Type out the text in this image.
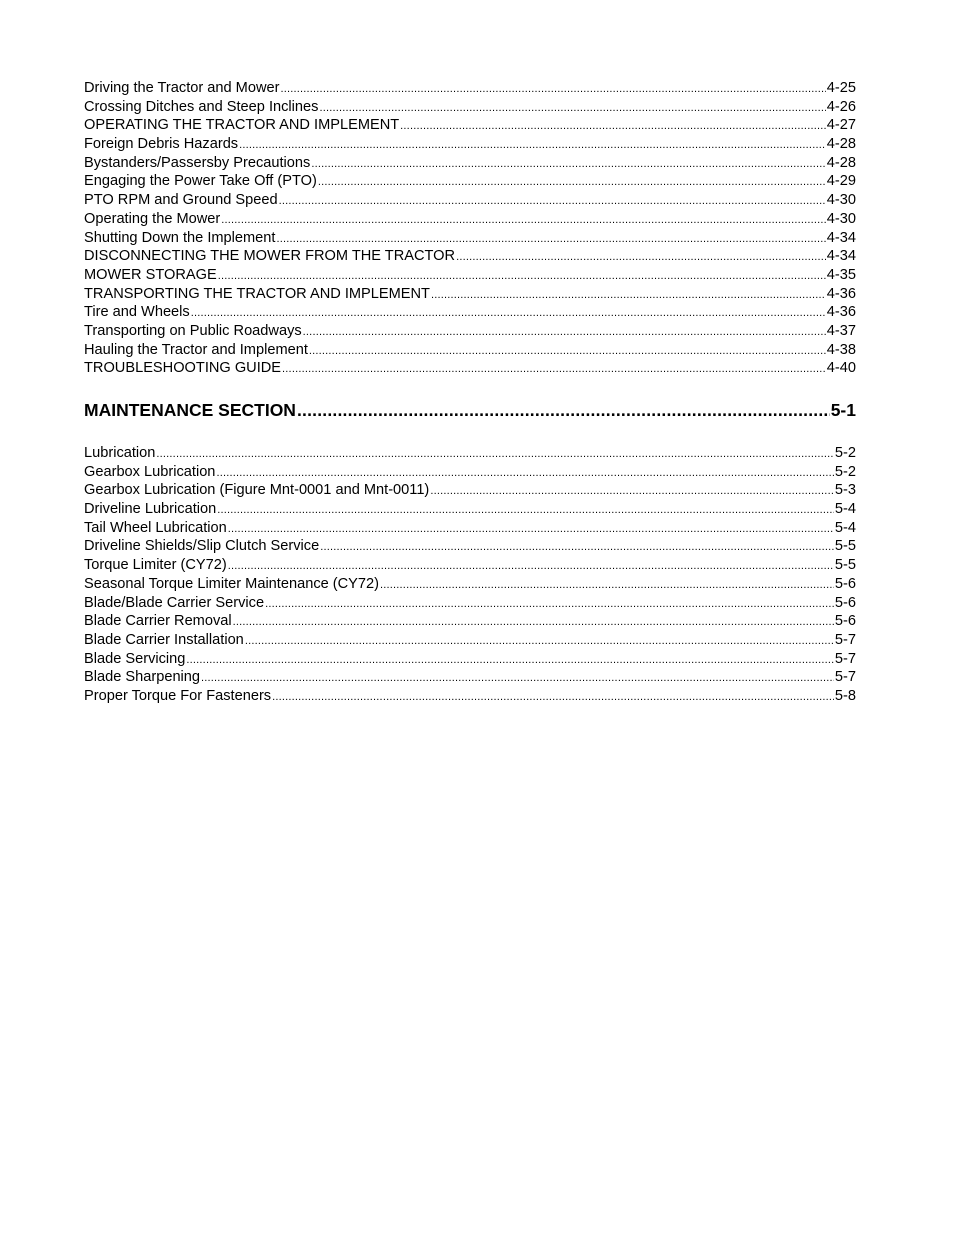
Driving the Tractor and Mower .....	4-25
Crossing Ditches and Steep Inclines .....	4-26
OPERATING THE TRACTOR AND IMPLEMENT .....	4-27
Foreign Debris Hazards .....	4-28
Bystanders/Passersby Precautions .....	4-28
Engaging the Power Take Off (PTO) .....	4-29
PTO RPM and Ground Speed .....	4-30
Operating the Mower .....	4-30
Shutting Down the Implement .....	4-34
DISCONNECTING THE MOWER FROM THE TRACTOR .....	4-34
MOWER STORAGE .....	4-35
TRANSPORTING THE TRACTOR AND IMPLEMENT .....	4-36
Tire and Wheels .....	4-36
Transporting on Public Roadways .....	4-37
Hauling the Tractor and Implement .....	4-38
TROUBLESHOOTING GUIDE .....	4-40
MAINTENANCE SECTION .....	5-1
Lubrication .....	5-2
Gearbox Lubrication .....	5-2
Gearbox Lubrication (Figure Mnt-0001 and Mnt-0011) .....	5-3
Driveline Lubrication .....	5-4
Tail Wheel Lubrication .....	5-4
Driveline Shields/Slip Clutch Service .....	5-5
Torque Limiter (CY72) .....	5-5
Seasonal Torque Limiter Maintenance (CY72) .....	5-6
Blade/Blade Carrier Service .....	5-6
Blade Carrier Removal .....	5-6
Blade Carrier Installation .....	5-7
Blade Servicing .....	5-7
Blade Sharpening .....	5-7
Proper Torque For Fasteners .....	5-8
